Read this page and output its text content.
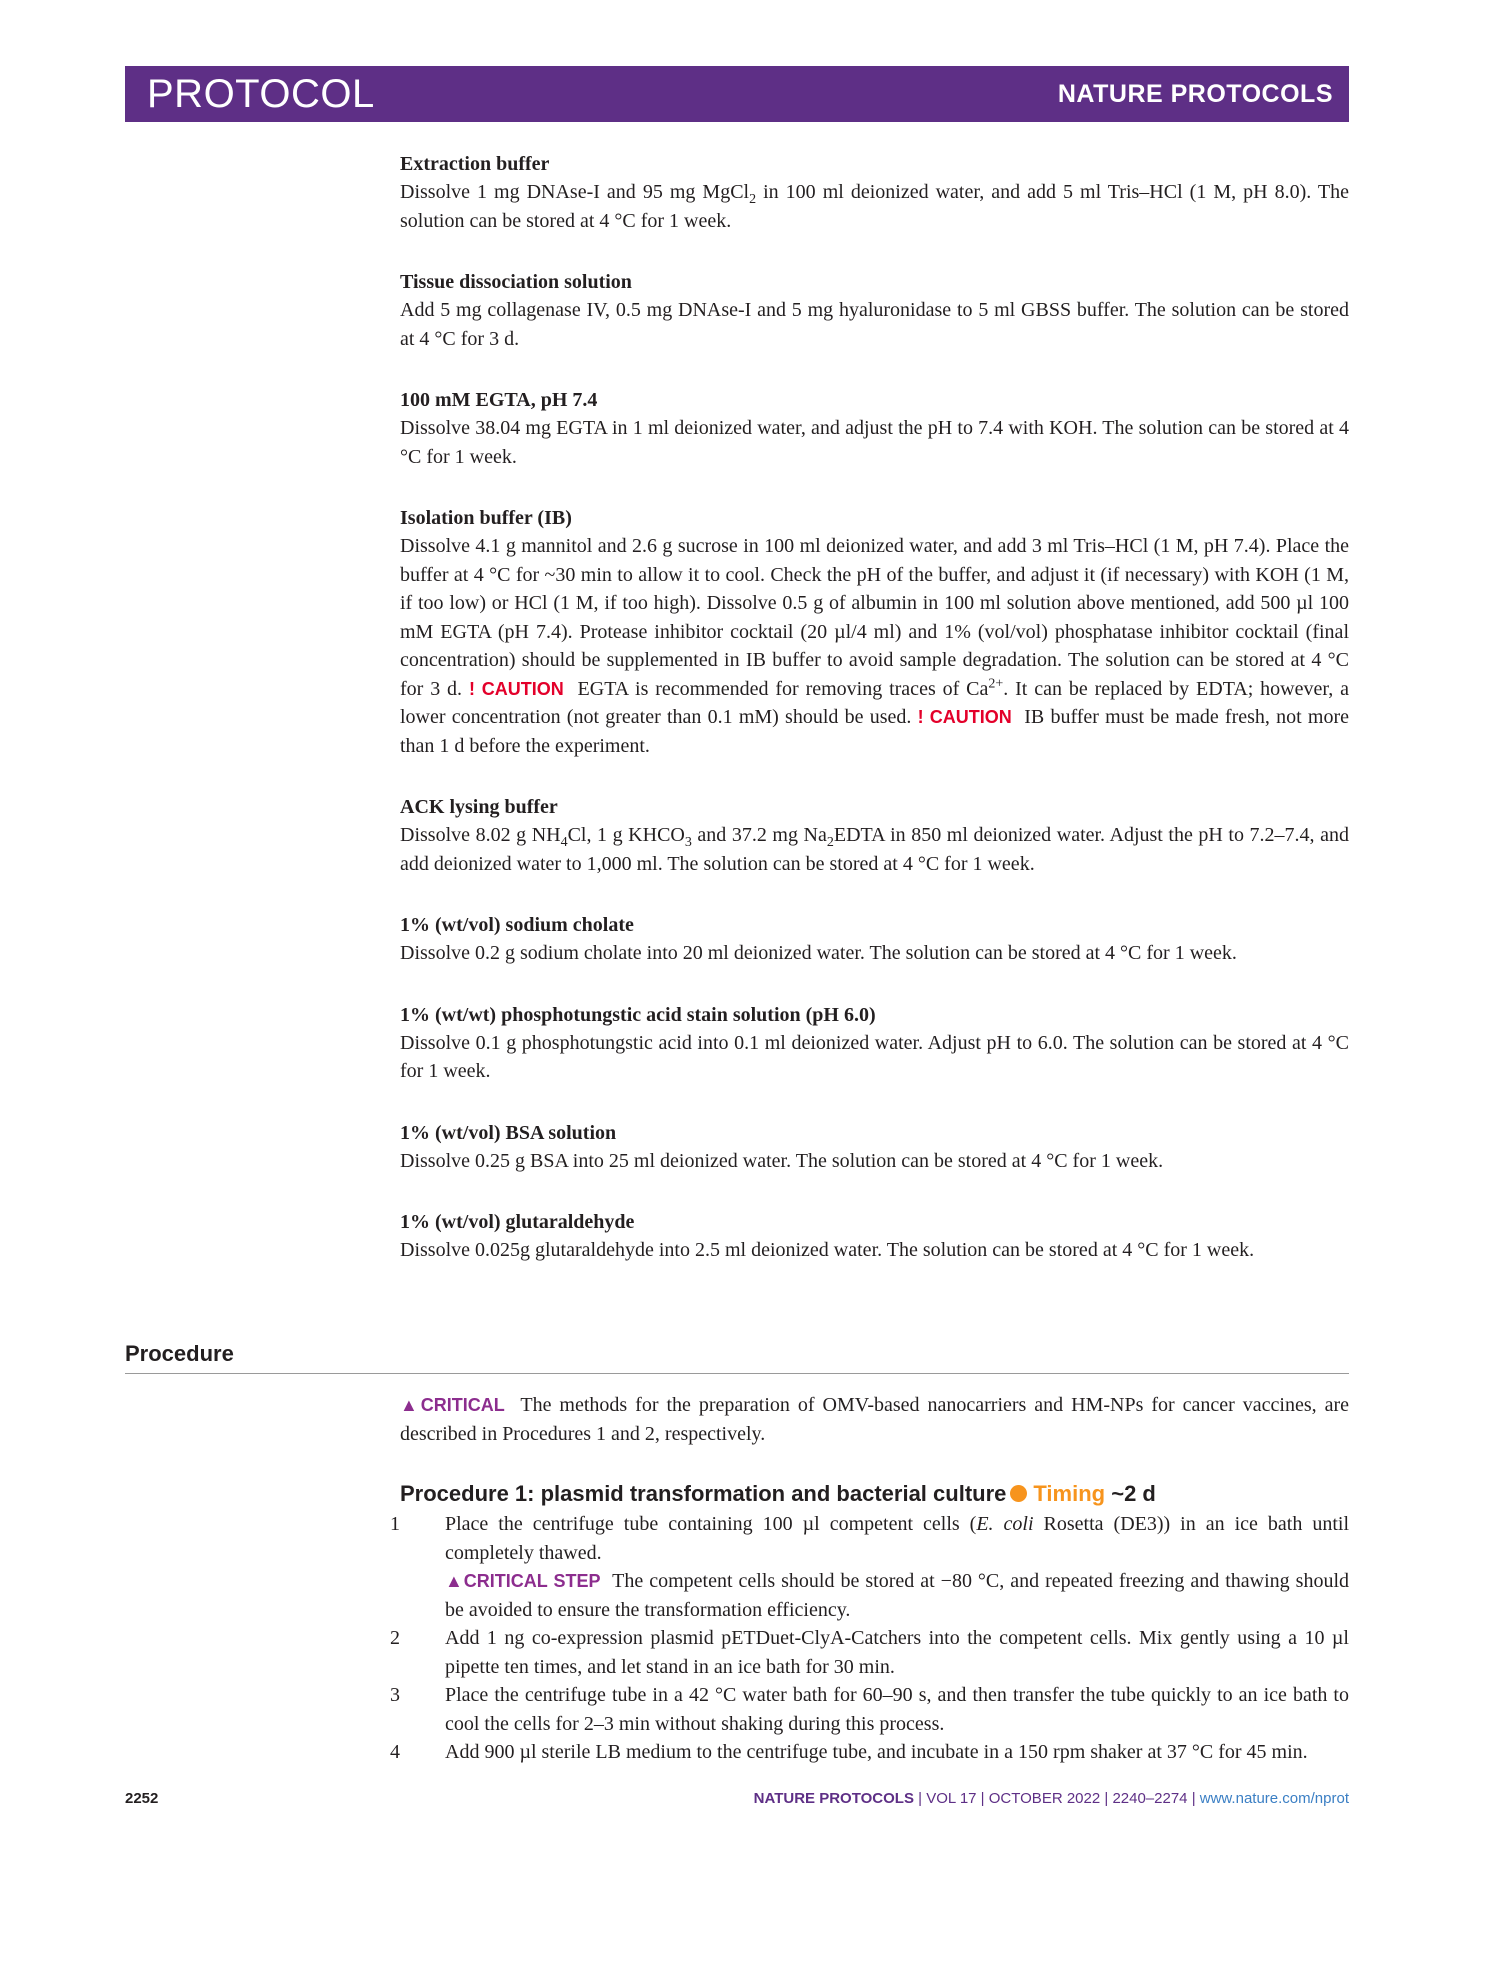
PROTOCOL	NATURE PROTOCOLS
Extraction buffer
Dissolve 1 mg DNAse-I and 95 mg MgCl$_2$ in 100 ml deionized water, and add 5 ml Tris–HCl (1 M, pH 8.0). The solution can be stored at 4 °C for 1 week.
Tissue dissociation solution
Add 5 mg collagenase IV, 0.5 mg DNAse-I and 5 mg hyaluronidase to 5 ml GBSS buffer. The solution can be stored at 4 °C for 3 d.
100 mM EGTA, pH 7.4
Dissolve 38.04 mg EGTA in 1 ml deionized water, and adjust the pH to 7.4 with KOH. The solution can be stored at 4 °C for 1 week.
Isolation buffer (IB)
Dissolve 4.1 g mannitol and 2.6 g sucrose in 100 ml deionized water, and add 3 ml Tris–HCl (1 M, pH 7.4). Place the buffer at 4 °C for ~30 min to allow it to cool. Check the pH of the buffer, and adjust it (if necessary) with KOH (1 M, if too low) or HCl (1 M, if too high). Dissolve 0.5 g of albumin in 100 ml solution above mentioned, add 500 µl 100 mM EGTA (pH 7.4). Protease inhibitor cocktail (20 µl/4 ml) and 1% (vol/vol) phosphatase inhibitor cocktail (final concentration) should be supplemented in IB buffer to avoid sample degradation. The solution can be stored at 4 °C for 3 d. ! CAUTION  EGTA is recommended for removing traces of $Ca^{2+}$. It can be replaced by EDTA; however, a lower concentration (not greater than 0.1 mM) should be used. ! CAUTION  IB buffer must be made fresh, not more than 1 d before the experiment.
ACK lysing buffer
Dissolve 8.02 g $NH_4Cl$, 1 g $KHCO_3$ and 37.2 mg $Na_2EDTA$ in 850 ml deionized water. Adjust the pH to 7.2–7.4, and add deionized water to 1,000 ml. The solution can be stored at 4 °C for 1 week.
1% (wt/vol) sodium cholate
Dissolve 0.2 g sodium cholate into 20 ml deionized water. The solution can be stored at 4 °C for 1 week.
1% (wt/wt) phosphotungstic acid stain solution (pH 6.0)
Dissolve 0.1 g phosphotungstic acid into 0.1 ml deionized water. Adjust pH to 6.0. The solution can be stored at 4 °C for 1 week.
1% (wt/vol) BSA solution
Dissolve 0.25 g BSA into 25 ml deionized water. The solution can be stored at 4 °C for 1 week.
1% (wt/vol) glutaraldehyde
Dissolve 0.025g glutaraldehyde into 2.5 ml deionized water. The solution can be stored at 4 °C for 1 week.
Procedure
▲CRITICAL The methods for the preparation of OMV-based nanocarriers and HM-NPs for cancer vaccines, are described in Procedures 1 and 2, respectively.
Procedure 1: plasmid transformation and bacterial culture Timing ~2 d
1 Place the centrifuge tube containing 100 µl competent cells (E. coli Rosetta (DE3)) in an ice bath until completely thawed.
▲CRITICAL STEP The competent cells should be stored at −80 °C, and repeated freezing and thawing should be avoided to ensure the transformation efficiency.
2 Add 1 ng co-expression plasmid pETDuet-ClyA-Catchers into the competent cells. Mix gently using a 10 µl pipette ten times, and let stand in an ice bath for 30 min.
3 Place the centrifuge tube in a 42 °C water bath for 60–90 s, and then transfer the tube quickly to an ice bath to cool the cells for 2–3 min without shaking during this process.
4 Add 900 µl sterile LB medium to the centrifuge tube, and incubate in a 150 rpm shaker at 37 °C for 45 min.
2252	NATURE PROTOCOLS | VOL 17 | OCTOBER 2022 | 2240–2274 | www.nature.com/nprot
